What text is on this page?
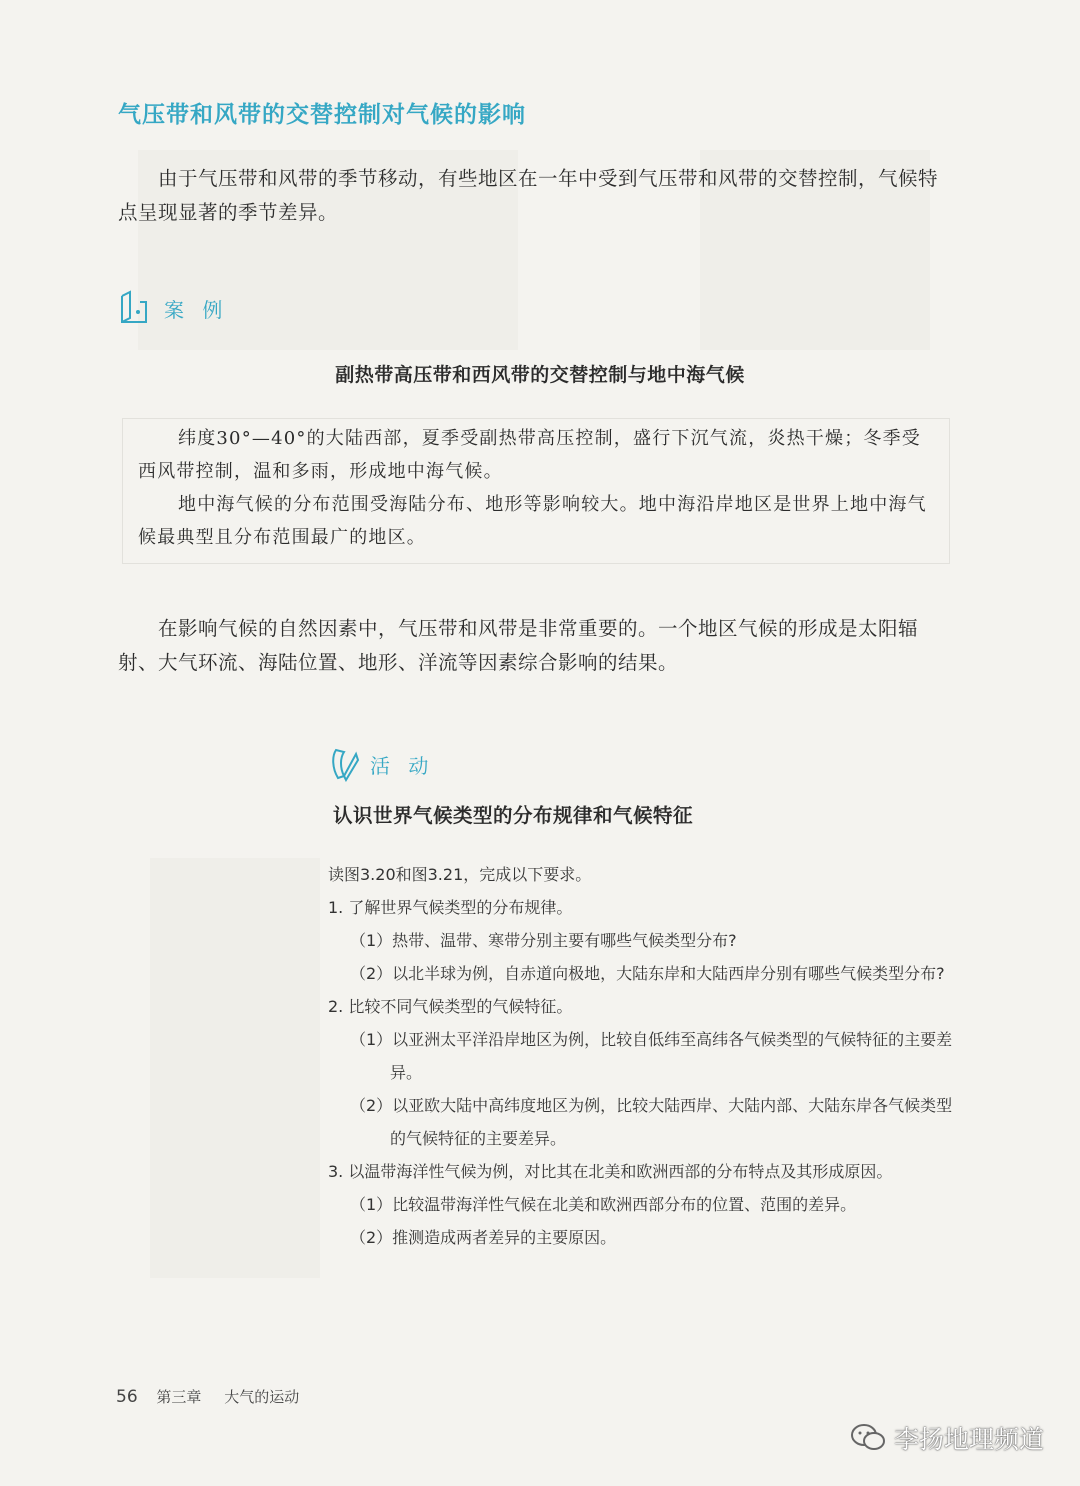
气压带和风带的交替控制对气候的影响

由于气压带和风带的季节移动，有些地区在一年中受到气压带和风带的交替控制，气候特点呈现显著的季节差异。

案 例
副热带高压带和西风带的交替控制与地中海气候

纬度30°—40°的大陆西部，夏季受副热带高压控制，盛行下沉气流，炎热干燥；冬季受西风带控制，温和多雨，形成地中海气候。

地中海气候的分布范围受海陆分布、地形等影响较大。地中海沿岸地区是世界上地中海气候最典型且分布范围最广的地区。

在影响气候的自然因素中，气压带和风带是非常重要的。一个地区气候的形成是太阳辐射、大气环流、海陆位置、地形、洋流等因素综合影响的结果。

活 动
认识世界气候类型的分布规律和气候特征
读图3.20和图3.21，完成以下要求。
1. 了解世界气候类型的分布规律。
（1）热带、温带、寒带分别主要有哪些气候类型分布?
（2）以北半球为例，自赤道向极地，大陆东岸和大陆西岸分别有哪些气候类型分布?
2. 比较不同气候类型的气候特征。
（1）以亚洲太平洋沿岸地区为例，比较自低纬至高纬各气候类型的气候特征的主要差异。
（2）以亚欧大陆中高纬度地区为例，比较大陆西岸、大陆内部、大陆东岸各气候类型的气候特征的主要差异。
3. 以温带海洋性气候为例，对比其在北美和欧洲西部的分布特点及其形成原因。
（1）比较温带海洋性气候在北美和欧洲西部分布的位置、范围的差异。
（2）推测造成两者差异的主要原因。
56 第三章 大气的运动
李扬地理频道
